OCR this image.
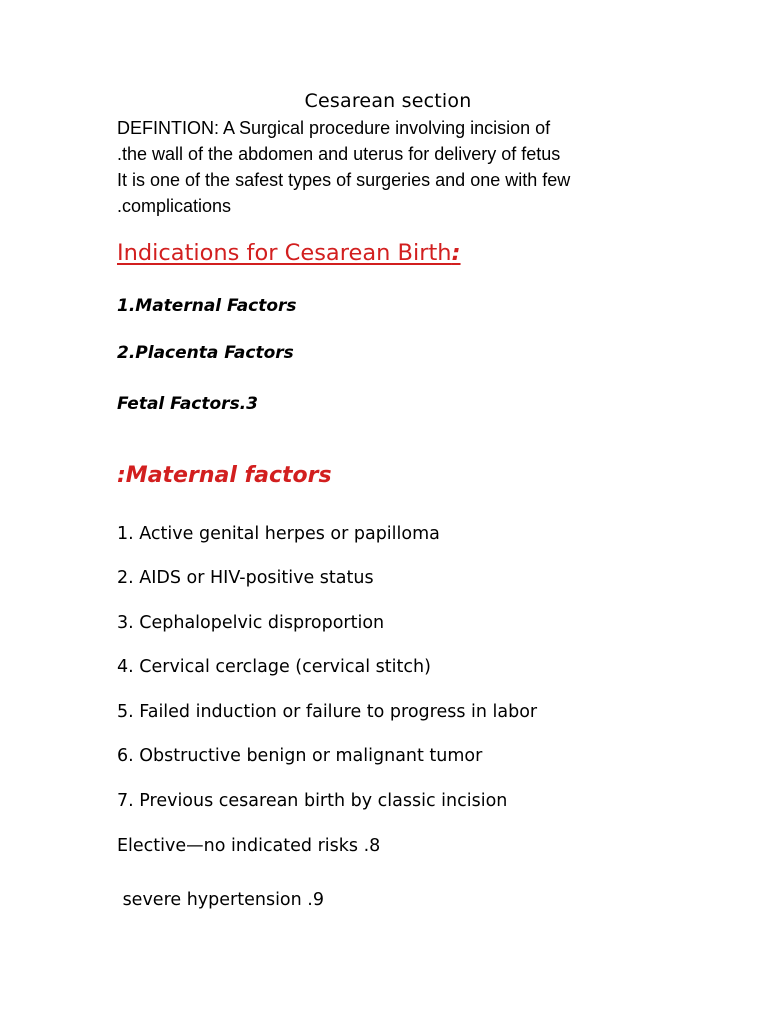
Cesarean section
DEFINTION: A Surgical procedure involving incision of
.the wall of the abdomen and uterus for delivery of fetus
It is one of the safest types of surgeries and one with few
.complications
Indications for Cesarean Birth:
1.Maternal Factors
2.Placenta Factors
Fetal Factors.3
:Maternal factors
1. Active genital herpes or papilloma
2. AIDS or HIV-positive status
3. Cephalopelvic disproportion
4. Cervical cerclage (cervical stitch)
5. Failed induction or failure to progress in labor
6. Obstructive benign or malignant tumor
7. Previous cesarean birth by classic incision
Elective—no indicated risks .8
severe hypertension .9
